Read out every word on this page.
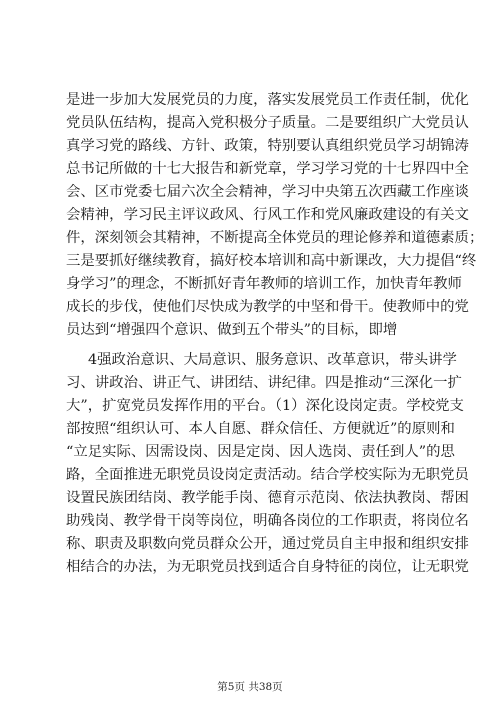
是进一步加大发展党员的力度，落实发展党员工作责任制，优化
党员队伍结构，提高入党积极分子质量。二是要组织广大党员认
真学习党的路线、方针、政策，特别要认真组织党员学习胡锦涛
总书记所做的十七大报告和新党章，学习学习党的十七界四中全
会、区市党委七届六次全会精神，学习中央第五次西藏工作座谈
会精神，学习民主评议政风、行风工作和党风廉政建设的有关文
件，深刻领会其精神，不断提高全体党员的理论修养和道德素质；
三是要抓好继续教育，搞好校本培训和高中新课改，大力提倡“终
身学习”的理念，不断抓好青年教师的培训工作，加快青年教师
成长的步伐，使他们尽快成为教学的中坚和骨干。使教师中的党
员达到“增强四个意识、做到五个带头”的目标，即增
4强政治意识、大局意识、服务意识、改革意识，带头讲学
习、讲政治、讲正气、讲团结、讲纪律。四是推动“三深化一扩
大”，扩宽党员发挥作用的平台。（1）深化设岗定责。学校党支
部按照“组织认可、本人自愿、群众信任、方便就近”的原则和
“立足实际、因需设岗、因是定岗、因人选岗、责任到人”的思
路，全面推进无职党员设岗定责活动。结合学校实际为无职党员
设置民族团结岗、教学能手岗、德育示范岗、依法执教岗、帮困
助残岗、教学骨干岗等岗位，明确各岗位的工作职责，将岗位名
称、职责及职数向党员群众公开，通过党员自主申报和组织安排
相结合的办法，为无职党员找到适合自身特征的岗位，让无职党
第5页 共38页
